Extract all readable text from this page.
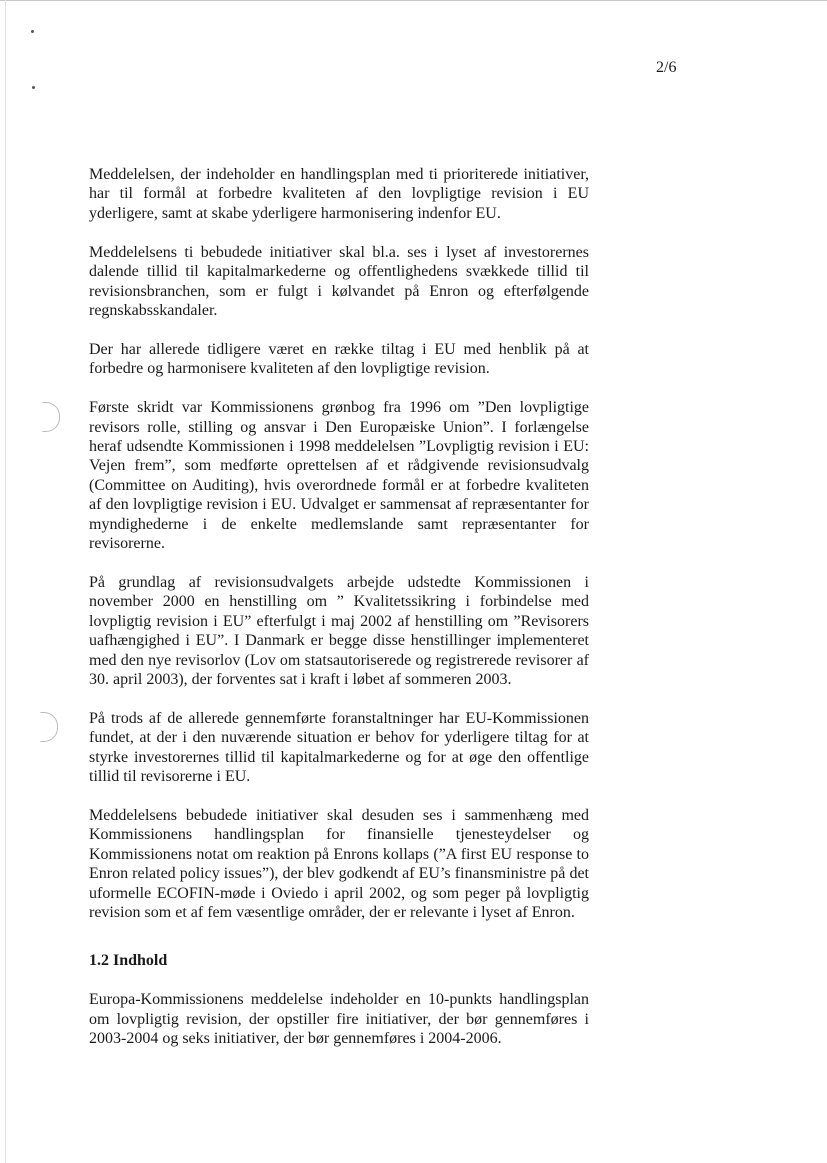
2/6

Meddelelsen, der indeholder en handlingsplan med ti prioriterede initiativer, har til formål at forbedre kvaliteten af den lovpligtige revision i EU yderligere, samt at skabe yderligere harmonisering indenfor EU.

Meddelelsens ti bebudede initiativer skal bl.a. ses i lyset af investorernes dalende tillid til kapitalmarkederne og offentlighedens svækkede tillid til revisionsbranchen, som er fulgt i kølvandet på Enron og efterfølgende regnskabsskandaler.

Der har allerede tidligere været en række tiltag i EU med henblik på at forbedre og harmonisere kvaliteten af den lovpligtige revision.

Første skridt var Kommissionens grønbog fra 1996 om ”Den lovpligtige revisors rolle, stilling og ansvar i Den Europæiske Union”. I forlængelse heraf udsendte Kommissionen i 1998 meddelelsen ”Lovpligtig revision i EU: Vejen frem”, som medførte oprettelsen af et rådgivende revisionsudvalg (Committee on Auditing), hvis overordnede formål er at forbedre kvaliteten af den lovpligtige revision i EU. Udvalget er sammensat af repræsentanter for myndighederne i de enkelte medlemslande samt repræsentanter for revisorerne.

På grundlag af revisionsudvalgets arbejde udstedte Kommissionen i november 2000 en henstilling om ” Kvalitetssikring i forbindelse med lovpligtig revision i EU” efterfulgt i maj 2002 af henstilling om ”Revisorers uafhængighed i EU”. I Danmark er begge disse henstillinger implementeret med den nye revisorlov (Lov om statsautoriserede og registrerede revisorer af 30. april 2003), der forventes sat i kraft i løbet af sommeren 2003.

På trods af de allerede gennemførte foranstaltninger har EU-Kommissionen fundet, at der i den nuværende situation er behov for yderligere tiltag for at styrke investorernes tillid til kapitalmarkederne og for at øge den offentlige tillid til revisorerne i EU.

Meddelelsens bebudede initiativer skal desuden ses i sammenhæng med Kommissionens handlingsplan for finansielle tjenesteydelser og Kommissionens notat om reaktion på Enrons kollaps (”A first EU response to Enron related policy issues”), der blev godkendt af EU’s finansministre på det uformelle ECOFIN-møde i Oviedo i april 2002, og som peger på lovpligtig revision som et af fem væsentlige områder, der er relevante i lyset af Enron.

1.2 Indhold

Europa-Kommissionens meddelelse indeholder en 10-punkts handlingsplan om lovpligtig revision, der opstiller fire initiativer, der bør gennemføres i 2003-2004 og seks initiativer, der bør gennemføres i 2004-2006.
